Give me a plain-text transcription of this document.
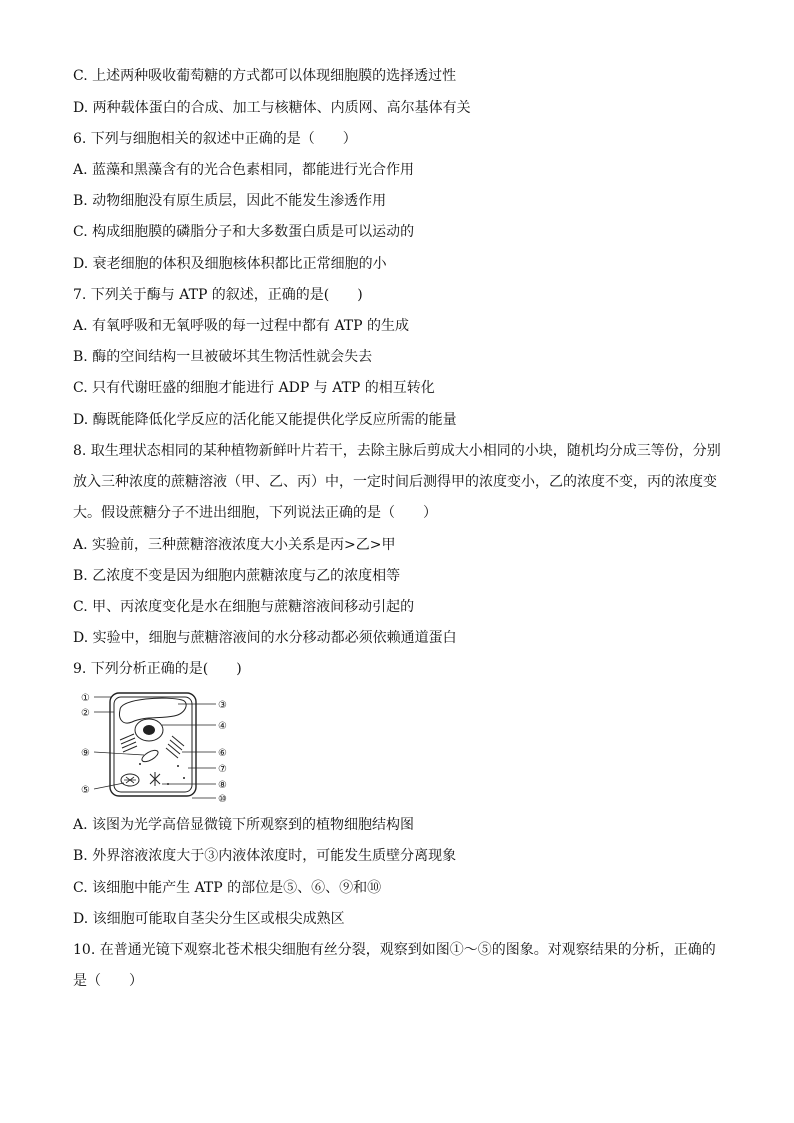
C. 上述两种吸收葡萄糖的方式都可以体现细胞膜的选择透过性
D. 两种载体蛋白的合成、加工与核糖体、内质网、高尔基体有关
6. 下列与细胞相关的叙述中正确的是（　　）
A. 蓝藻和黑藻含有的光合色素相同，都能进行光合作用
B. 动物细胞没有原生质层，因此不能发生渗透作用
C. 构成细胞膜的磷脂分子和大多数蛋白质是可以运动的
D. 衰老细胞的体积及细胞核体积都比正常细胞的小
7. 下列关于酶与 ATP 的叙述，正确的是(　　)
A. 有氧呼吸和无氧呼吸的每一过程中都有 ATP 的生成
B. 酶的空间结构一旦被破坏其生物活性就会失去
C. 只有代谢旺盛的细胞才能进行 ADP 与 ATP 的相互转化
D. 酶既能降低化学反应的活化能又能提供化学反应所需的能量
8. 取生理状态相同的某种植物新鲜叶片若干，去除主脉后剪成大小相同的小块，随机均分成三等份，分别
放入三种浓度的蔗糖溶液（甲、乙、丙）中，一定时间后测得甲的浓度变小，乙的浓度不变，丙的浓度变
大。假设蔗糖分子不进出细胞，下列说法正确的是（　　）
A. 实验前，三种蔗糖溶液浓度大小关系是丙>乙>甲
B. 乙浓度不变是因为细胞内蔗糖浓度与乙的浓度相等
C. 甲、丙浓度变化是水在细胞与蔗糖溶液间移动引起的
D. 实验中，细胞与蔗糖溶液间的水分移动都必须依赖通道蛋白
9. 下列分析正确的是(　　)
①
②
③
④
⑨	⑥
⑦
⑤	⑧
⑩
A. 该图为光学高倍显微镜下所观察到的植物细胞结构图
B. 外界溶液浓度大于③内液体浓度时，可能发生质壁分离现象
C. 该细胞中能产生 ATP 的部位是⑤、⑥、⑨和⑩
D. 该细胞可能取自茎尖分生区或根尖成熟区
10. 在普通光镜下观察北苍术根尖细胞有丝分裂，观察到如图①～⑤的图象。对观察结果的分析，正确的
是（　　）
